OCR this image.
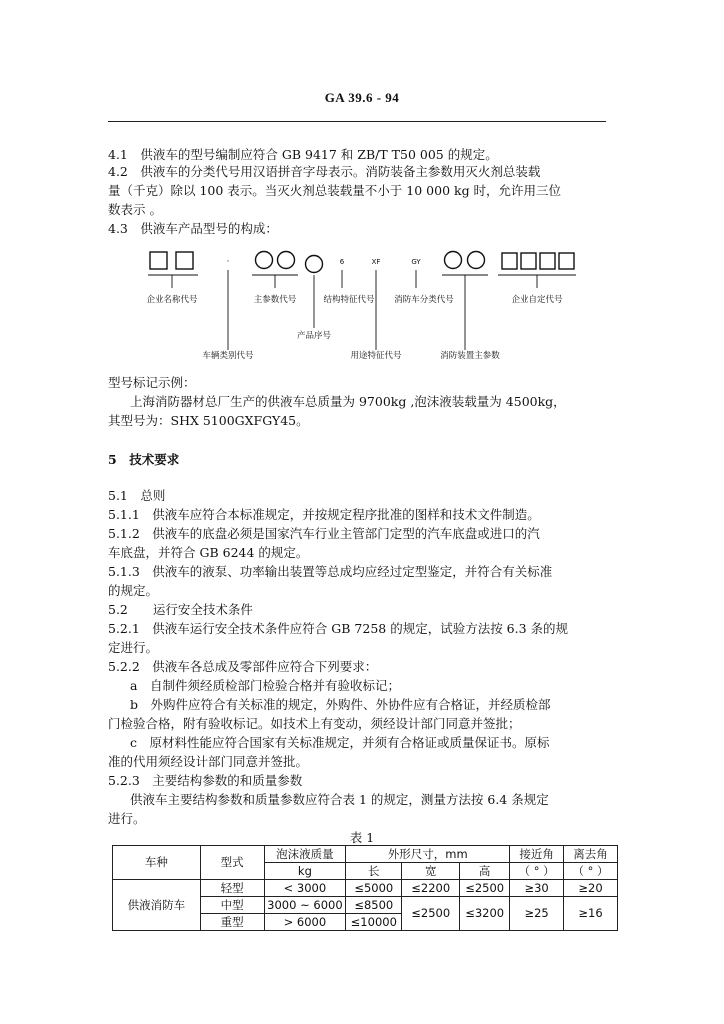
GA 39.6 - 94
4.1　供液车的型号编制应符合 GB 9417 和 ZB/T T50 005 的规定。
4.2　供液车的分类代号用汉语拼音字母表示。消防装备主参数用灭火剂总装载
量（千克）除以 100 表示。当灭火剂总装载量不小于 10 000 kg 时，允许用三位
数表示 。
4.3　供液车产品型号的构成：
·	6	XF	GY
企业名称代号
车辆类别代号
主参数代号
产品序号
结构特征代号
用途特征代号
消防车分类代号
消防装置主参数
企业自定代号
型号标记示例：
上海消防器材总厂生产的供液车总质量为 9700kg ,泡沫液装载量为 4500kg，
其型号为：SHX 5100GXFGY45。
5　技术要求
5.1　总则
5.1.1　供液车应符合本标准规定，并按规定程序批准的图样和技术文件制造。
5.1.2　供液车的底盘必须是国家汽车行业主管部门定型的汽车底盘或进口的汽
车底盘，并符合 GB 6244 的规定。
5.1.3　供液车的液泵、功率输出装置等总成均应经过定型鉴定，并符合有关标准
的规定。
5.2　　运行安全技术条件
5.2.1　供液车运行安全技术条件应符合 GB 7258 的规定，试验方法按 6.3 条的规
定进行。
5.2.2　供液车各总成及零部件应符合下列要求：
a　自制件须经质检部门检验合格并有验收标记；
b　外购件应符合有关标准的规定，外购件、外协件应有合格证，并经质检部
门检验合格，附有验收标记。如技术上有变动，须经设计部门同意并签批；
c　原材料性能应符合国家有关标准规定，并须有合格证或质量保证书。原标
准的代用须经设计部门同意并签批。
5.2.3　主要结构参数的和质量参数
供液车主要结构参数和质量参数应符合表 1 的规定，测量方法按 6.4 条规定
进行。
表 1
车种	型式	泡沫液质量	外形尺寸，mm			接近角	离去角
		kg	长	宽	高	（ ° ）	（ ° ）
供液消防车	轻型	< 3000	≤5000	≤2200	≤2500	≥30	≥20
	中型	3000 ~ 6000	≤8500	≤2500	≤3200	≥25	≥16
	重型	> 6000	≤10000				
